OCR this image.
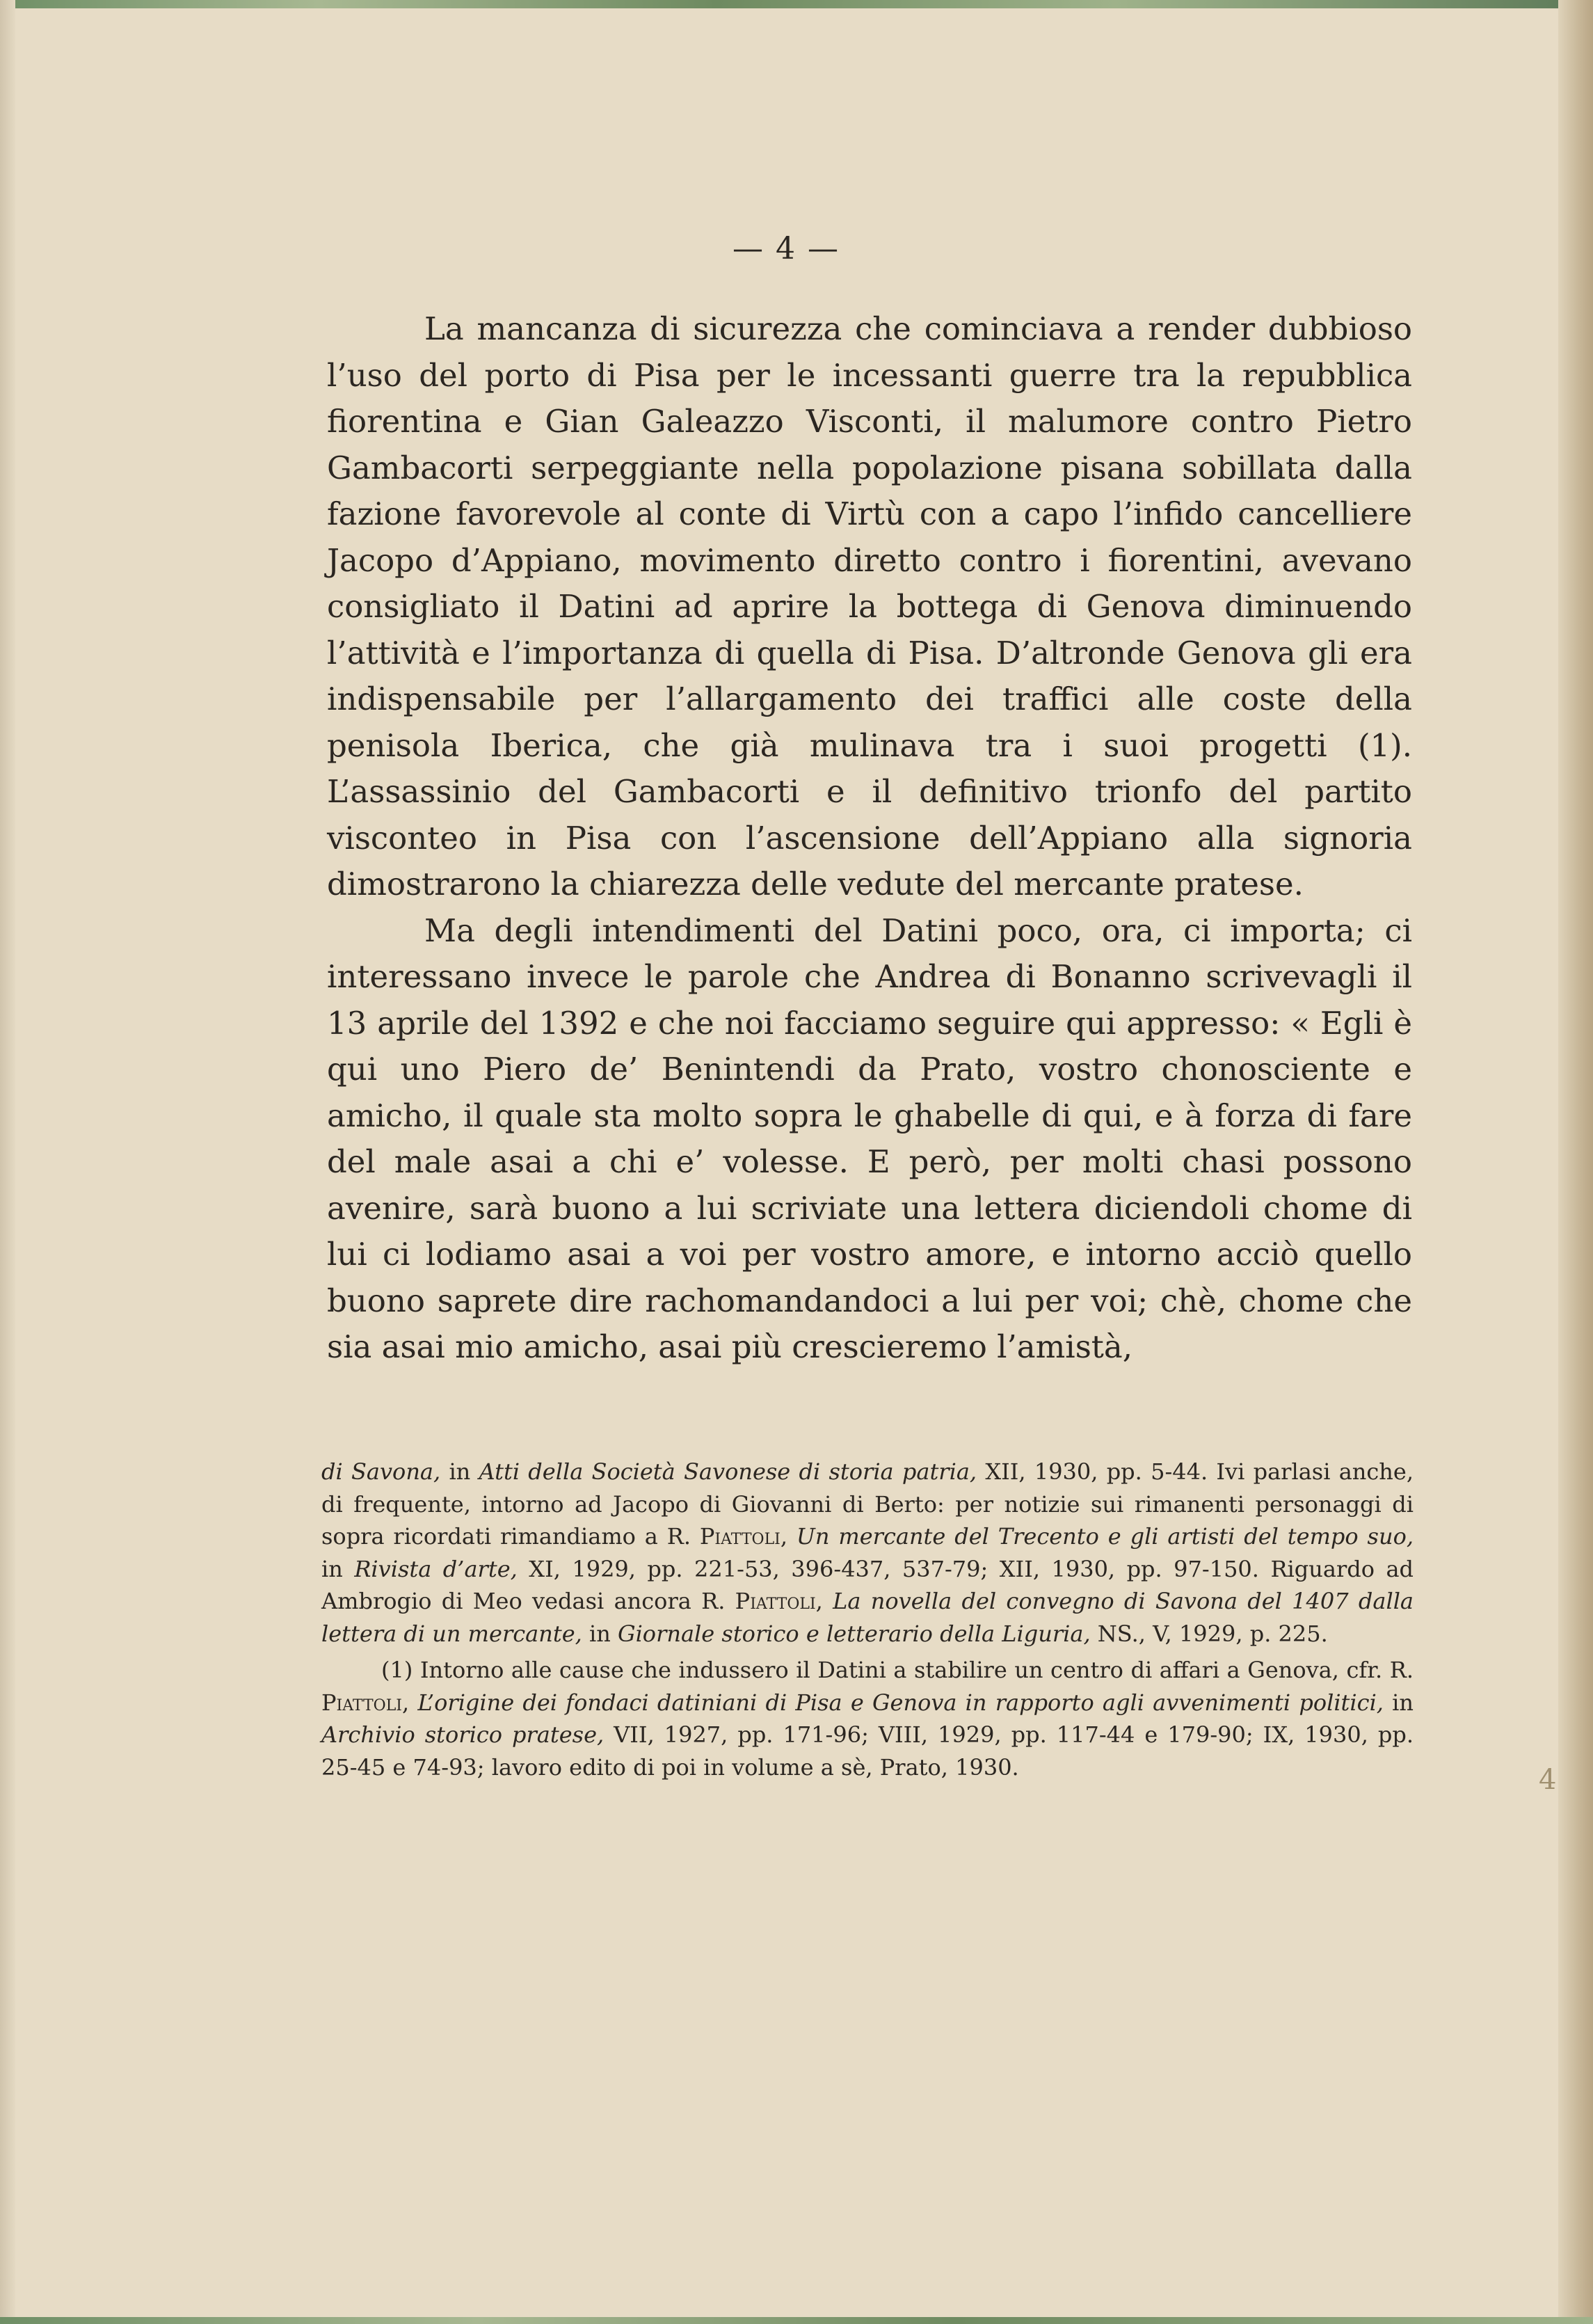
— 4 —

La mancanza di sicurezza che cominciava a render dubbioso l’uso del porto di Pisa per le incessanti guerre tra la repubblica fiorentina e Gian Galeazzo Visconti, il malumore contro Pietro Gambacorti serpeggiante nella popolazione pisana sobillata dalla fazione favorevole al conte di Virtù con a capo l’infido cancelliere Jacopo d’Appiano, movimento diretto contro i fiorentini, avevano consigliato il Datini ad aprire la bottega di Genova diminuendo l’attività e l’importanza di quella di Pisa. D’altronde Genova gli era indispensabile per l’allargamento dei traffici alle coste della penisola Iberica, che già mulinava tra i suoi progetti (1). L’assassinio del Gambacorti e il definitivo trionfo del partito visconteo in Pisa con l’ascensione dell’Appiano alla signoria dimostrarono la chiarezza delle vedute del mercante pratese.

Ma degli intendimenti del Datini poco, ora, ci importa; ci interessano invece le parole che Andrea di Bonanno scrivevagli il 13 aprile del 1392 e che noi facciamo seguire qui appresso: « Egli è qui uno Piero de’ Benintendi da Prato, vostro chonosciente e amicho, il quale sta molto sopra le ghabelle di qui, e à forza di fare del male asai a chi e’ volesse. E però, per molti chasi possono avenire, sarà buono a lui scriviate una lettera diciendoli chome di lui ci lodiamo asai a voi per vostro amore, e intorno acciò quello buono saprete dire rachomandandoci a lui per voi; chè, chome che sia asai mio amicho, asai più crescieremo l’amistà,

di Savona, in Atti della Società Savonese di storia patria, XII, 1930, pp. 5-44. Ivi parlasi anche, di frequente, intorno ad Jacopo di Giovanni di Berto: per notizie sui rimanenti personaggi di sopra ricordati rimandiamo a R. Piattoli, Un mercante del Trecento e gli artisti del tempo suo, in Rivista d’arte, XI, 1929, pp. 221-53, 396-437, 537-79; XII, 1930, pp. 97-150. Riguardo ad Ambrogio di Meo vedasi ancora R. Piattoli, La novella del convegno di Savona del 1407 dalla lettera di un mercante, in Giornale storico e letterario della Liguria, NS., V, 1929, p. 225.

(1) Intorno alle cause che indussero il Datini a stabilire un centro di affari a Genova, cfr. R. Piattoli, L’origine dei fondaci datiniani di Pisa e Genova in rapporto agli avvenimenti politici, in Archivio storico pratese, VII, 1927, pp. 171-96; VIII, 1929, pp. 117-44 e 179-90; IX, 1930, pp. 25-45 e 74-93; lavoro edito di poi in volume a sè, Prato, 1930.	4
